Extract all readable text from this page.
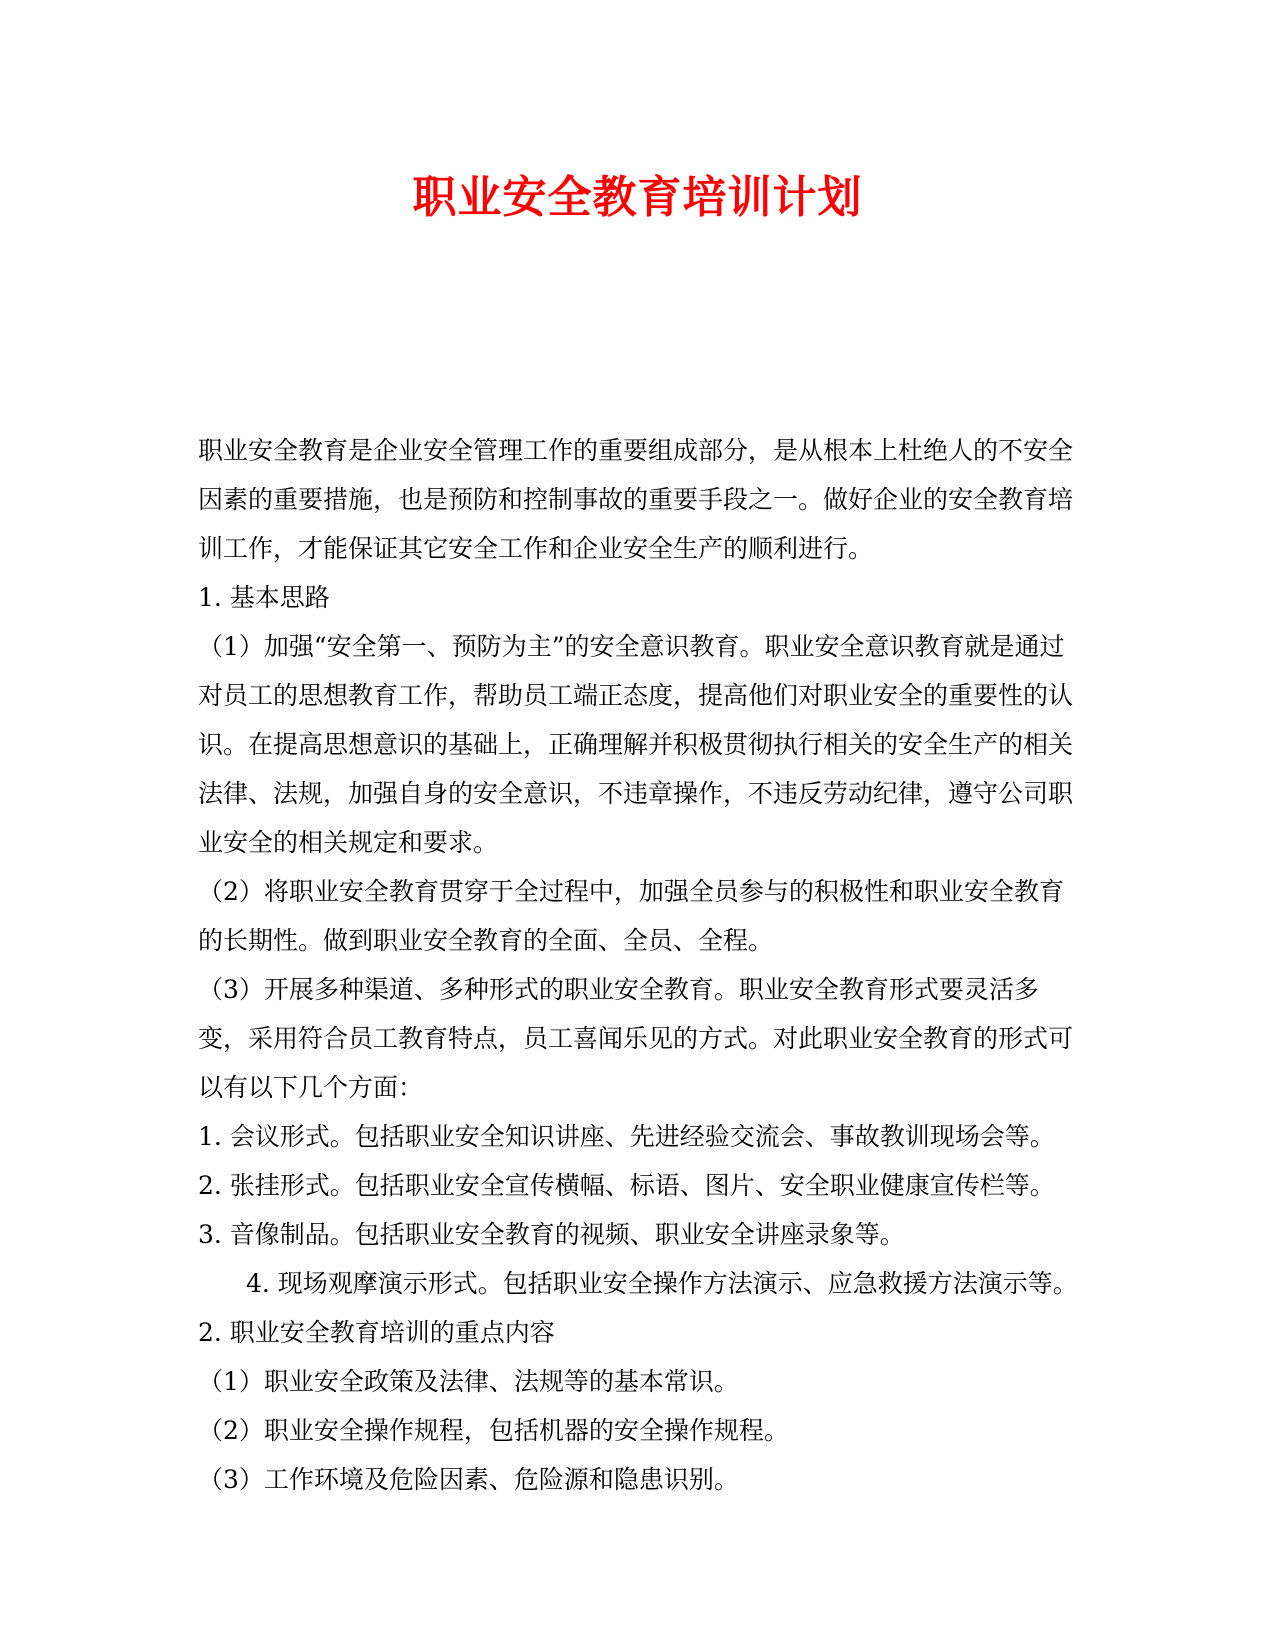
职业安全教育培训计划

职业安全教育是企业安全管理工作的重要组成部分，是从根本上杜绝人的不安全因素的重要措施，也是预防和控制事故的重要手段之一。做好企业的安全教育培训工作，才能保证其它安全工作和企业安全生产的顺利进行。

1. 基本思路

（1）加强“安全第一、预防为主”的安全意识教育。职业安全意识教育就是通过对员工的思想教育工作，帮助员工端正态度，提高他们对职业安全的重要性的认识。在提高思想意识的基础上，正确理解并积极贯彻执行相关的安全生产的相关法律、法规，加强自身的安全意识，不违章操作，不违反劳动纪律，遵守公司职业安全的相关规定和要求。

（2）将职业安全教育贯穿于全过程中，加强全员参与的积极性和职业安全教育的长期性。做到职业安全教育的全面、全员、全程。

（3）开展多种渠道、多种形式的职业安全教育。职业安全教育形式要灵活多变，采用符合员工教育特点，员工喜闻乐见的方式。对此职业安全教育的形式可以有以下几个方面：

1. 会议形式。包括职业安全知识讲座、先进经验交流会、事故教训现场会等。

2. 张挂形式。包括职业安全宣传横幅、标语、图片、安全职业健康宣传栏等。

3. 音像制品。包括职业安全教育的视频、职业安全讲座录象等。

4. 现场观摩演示形式。包括职业安全操作方法演示、应急救援方法演示等。

2. 职业安全教育培训的重点内容

（1）职业安全政策及法律、法规等的基本常识。

（2）职业安全操作规程，包括机器的安全操作规程。

（3）工作环境及危险因素、危险源和隐患识别。
